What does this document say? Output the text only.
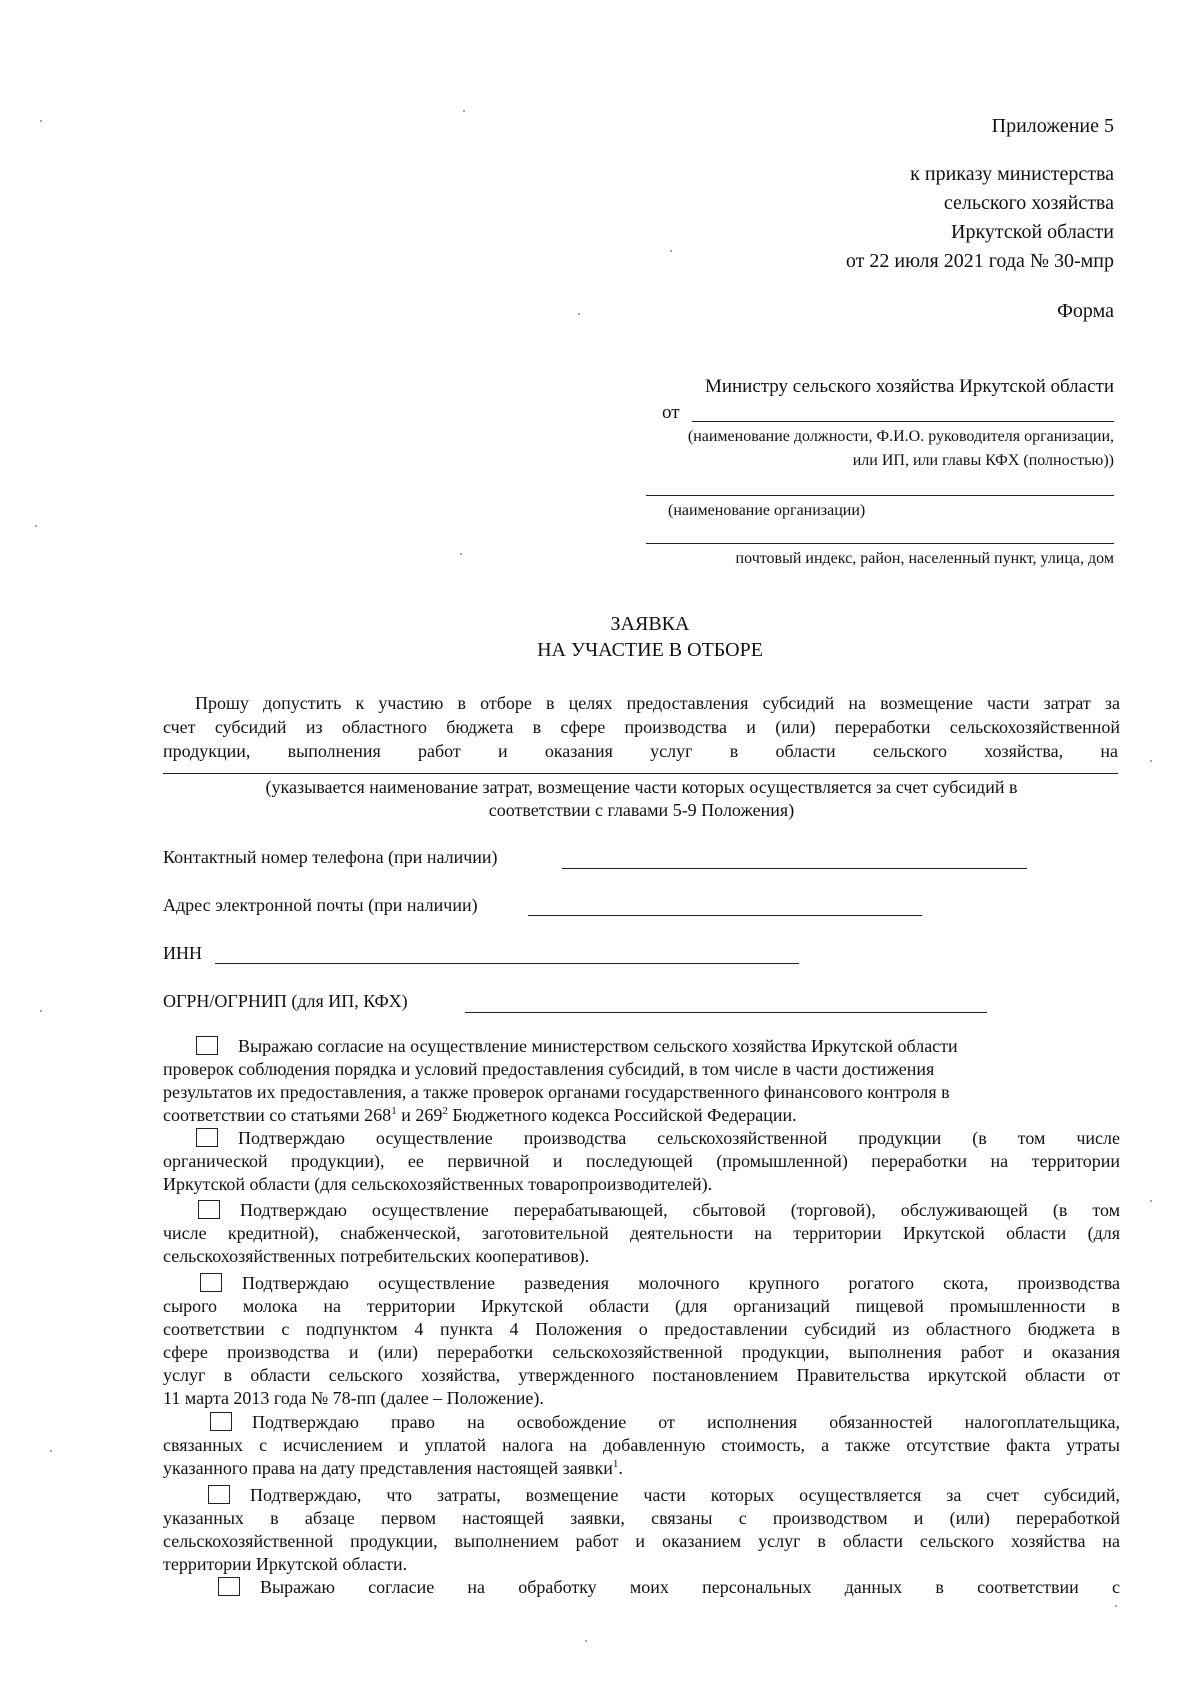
Приложение 5
к приказу министерства
сельского хозяйства
Иркутской области
от 22 июля 2021 года № 30-мпр
Форма
Министру сельского хозяйства Иркутской области
от
(наименование должности, Ф.И.О. руководителя организации,
или ИП, или главы КФХ (полностью))
(наименование организации)
почтовый индекс, район, населенный пункт, улица, дом
ЗАЯВКА
НА УЧАСТИЕ В ОТБОРЕ
Прошу допустить к участию в отборе в целях предоставления субсидий на возмещение части затрат за
счет субсидий из областного бюджета в сфере производства и (или) переработки сельскохозяйственной
продукции, выполнения работ и оказания услуг в области сельского хозяйства, на
(указывается наименование затрат, возмещение части которых осуществляется за счет субсидий в
соответствии с главами 5-9 Положения)
Контактный номер телефона (при наличии)
Адрес электронной почты (при наличии)
ИНН
ОГРН/ОГРНИП (для ИП, КФХ)
Выражаю согласие на осуществление министерством сельского хозяйства Иркутской области
проверок соблюдения порядка и условий предоставления субсидий, в том числе в части достижения
результатов их предоставления, а также проверок органами государственного финансового контроля в
соответствии со статьями $268^1$ и $269^2$ Бюджетного кодекса Российской Федерации.
Подтверждаю осуществление производства сельскохозяйственной продукции (в том числе
органической продукции), ее первичной и последующей (промышленной) переработки на территории
Иркутской области (для сельскохозяйственных товаропроизводителей).
Подтверждаю осуществление перерабатывающей, сбытовой (торговой), обслуживающей (в том
числе кредитной), снабженческой, заготовительной деятельности на территории Иркутской области (для
сельскохозяйственных потребительских кооперативов).
Подтверждаю осуществление разведения молочного крупного рогатого скота, производства
сырого молока на территории Иркутской области (для организаций пищевой промышленности в
соответствии с подпунктом 4 пункта 4 Положения о предоставлении субсидий из областного бюджета в
сфере производства и (или) переработки сельскохозяйственной продукции, выполнения работ и оказания
услуг в области сельского хозяйства, утвержденного постановлением Правительства иркутской области от
11 марта 2013 года № 78-пп (далее – Положение).
Подтверждаю право на освобождение от исполнения обязанностей налогоплательщика,
связанных с исчислением и уплатой налога на добавленную стоимость, а также отсутствие факта утраты
указанного права на дату представления настоящей заявки$^1$.
Подтверждаю, что затраты, возмещение части которых осуществляется за счет субсидий,
указанных в абзаце первом настоящей заявки, связаны с производством и (или) переработкой
сельскохозяйственной продукции, выполнением работ и оказанием услуг в области сельского хозяйства на
территории Иркутской области.
Выражаю согласие на обработку моих персональных данных в соответствии с
